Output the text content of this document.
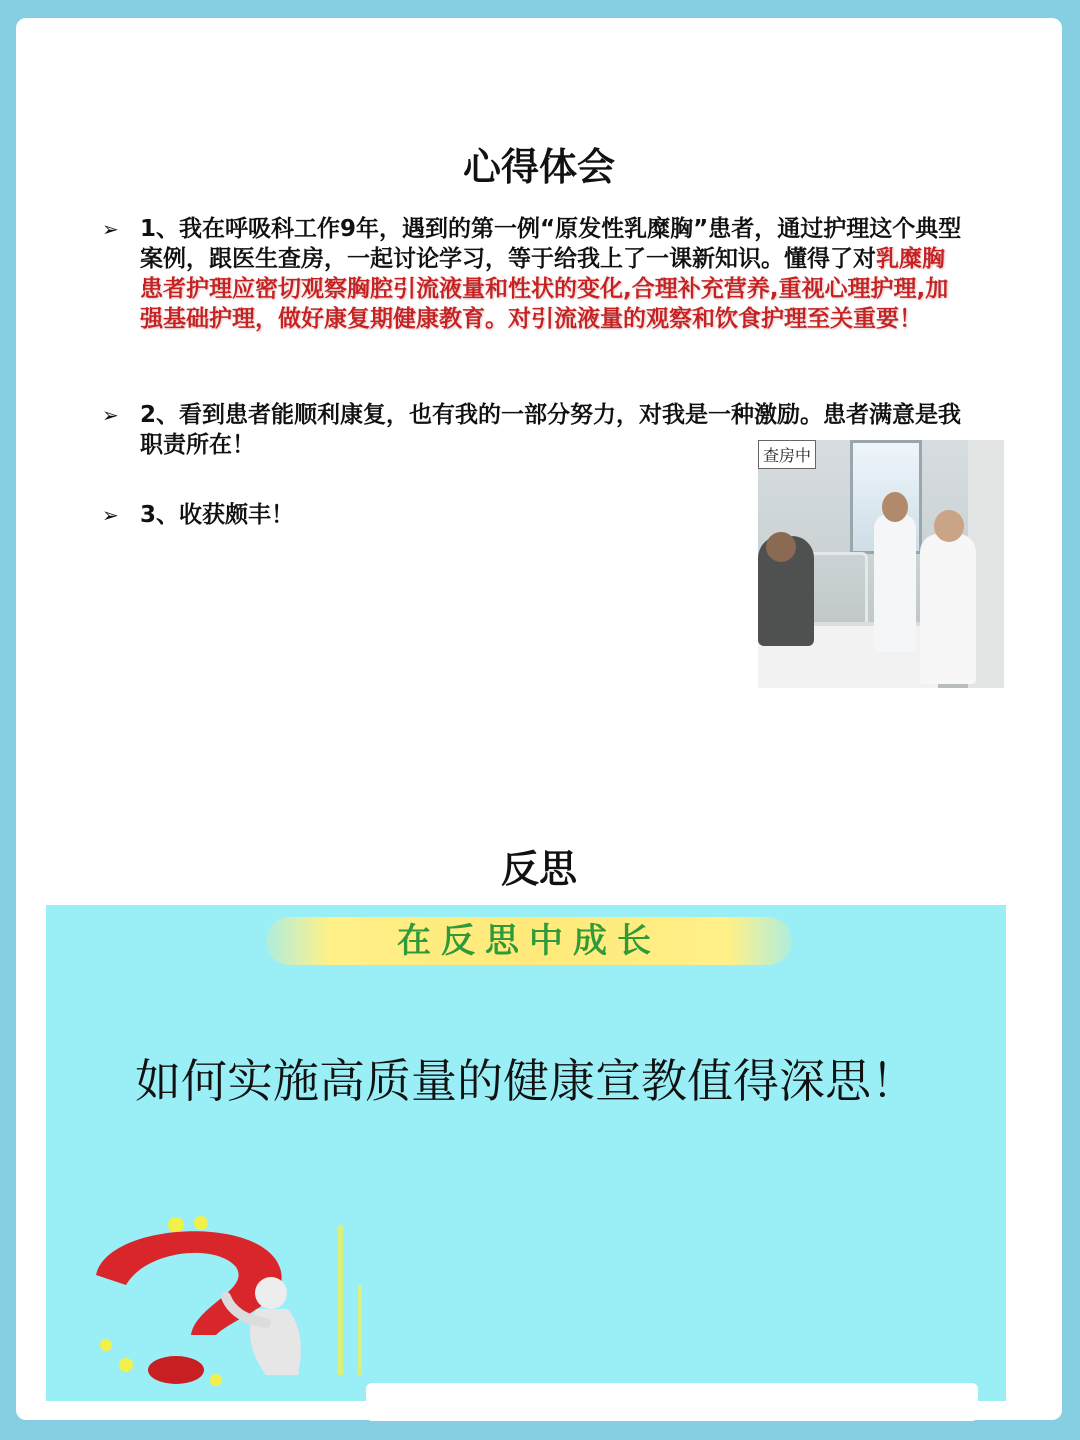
心得体会
➢ 1、我在呼吸科工作9年，遇到的第一例“原发性乳糜胸”患者，通过护理这个典型案例，跟医生查房，一起讨论学习，等于给我上了一课新知识。懂得了对乳糜胸患者护理应密切观察胸腔引流液量和性状的变化,合理补充营养,重视心理护理,加强基础护理，做好康复期健康教育。对引流液量的观察和饮食护理至关重要！
➢ 2、看到患者能顺利康复，也有我的一部分努力，对我是一种激励。患者满意是我职责所在！
➢ 3、收获颇丰！
查房中
反思
在反思中成长
如何实施高质量的健康宣教值得深思！
